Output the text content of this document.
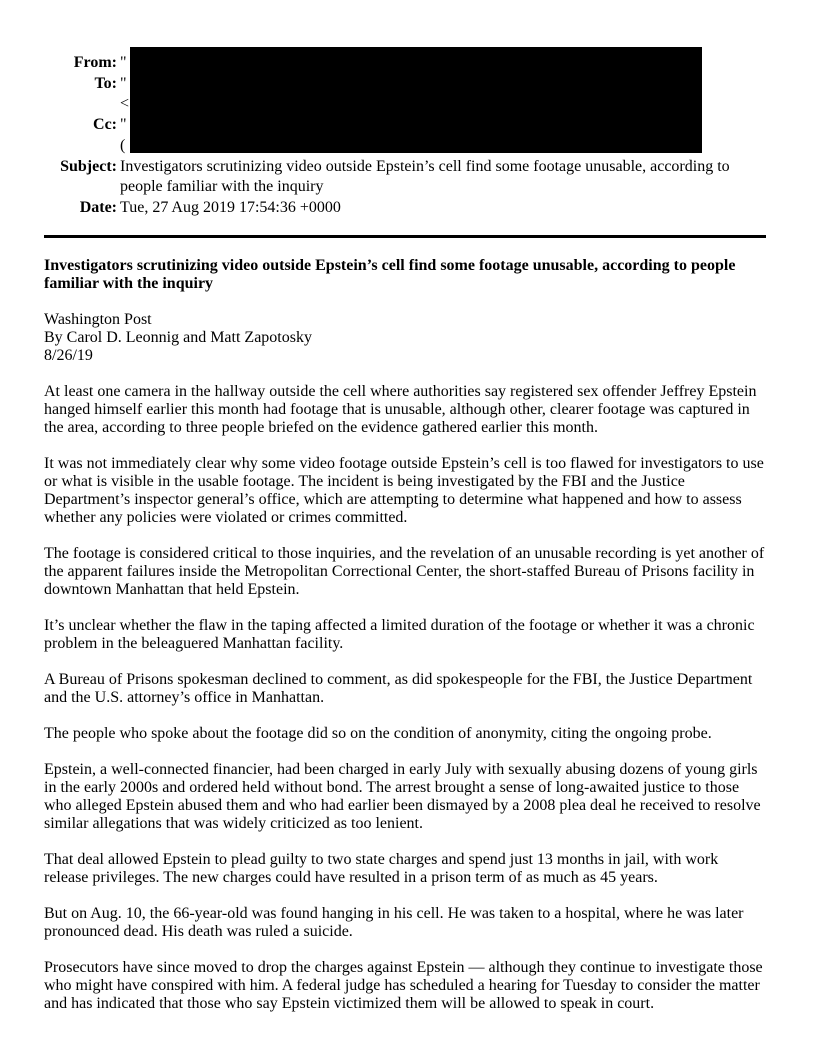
From:	"
To:	"
<

Cc:	"
(

Subject:	Investigators scrutinizing video outside Epstein’s cell find some footage unusable, according to people familiar with the inquiry
Date:	Tue, 27 Aug 2019 17:54:36 +0000
Investigators scrutinizing video outside Epstein’s cell find some footage unusable, according to people familiar with the inquiry
Washington Post
By Carol D. Leonnig and Matt Zapotosky
8/26/19

At least one camera in the hallway outside the cell where authorities say registered sex offender Jeffrey Epstein hanged himself earlier this month had footage that is unusable, although other, clearer footage was captured in the area, according to three people briefed on the evidence gathered earlier this month.

It was not immediately clear why some video footage outside Epstein’s cell is too flawed for investigators to use or what is visible in the usable footage. The incident is being investigated by the FBI and the Justice Department’s inspector general’s office, which are attempting to determine what happened and how to assess whether any policies were violated or crimes committed.

The footage is considered critical to those inquiries, and the revelation of an unusable recording is yet another of the apparent failures inside the Metropolitan Correctional Center, the short-staffed Bureau of Prisons facility in downtown Manhattan that held Epstein.

It’s unclear whether the flaw in the taping affected a limited duration of the footage or whether it was a chronic problem in the beleaguered Manhattan facility.

A Bureau of Prisons spokesman declined to comment, as did spokespeople for the FBI, the Justice Department and the U.S. attorney’s office in Manhattan.

The people who spoke about the footage did so on the condition of anonymity, citing the ongoing probe.

Epstein, a well-connected financier, had been charged in early July with sexually abusing dozens of young girls in the early 2000s and ordered held without bond. The arrest brought a sense of long-awaited justice to those who alleged Epstein abused them and who had earlier been dismayed by a 2008 plea deal he received to resolve similar allegations that was widely criticized as too lenient.

That deal allowed Epstein to plead guilty to two state charges and spend just 13 months in jail, with work release privileges. The new charges could have resulted in a prison term of as much as 45 years.

But on Aug. 10, the 66-year-old was found hanging in his cell. He was taken to a hospital, where he was later pronounced dead. His death was ruled a suicide.

Prosecutors have since moved to drop the charges against Epstein — although they continue to investigate those who might have conspired with him. A federal judge has scheduled a hearing for Tuesday to consider the matter and has indicated that those who say Epstein victimized them will be allowed to speak in court.
